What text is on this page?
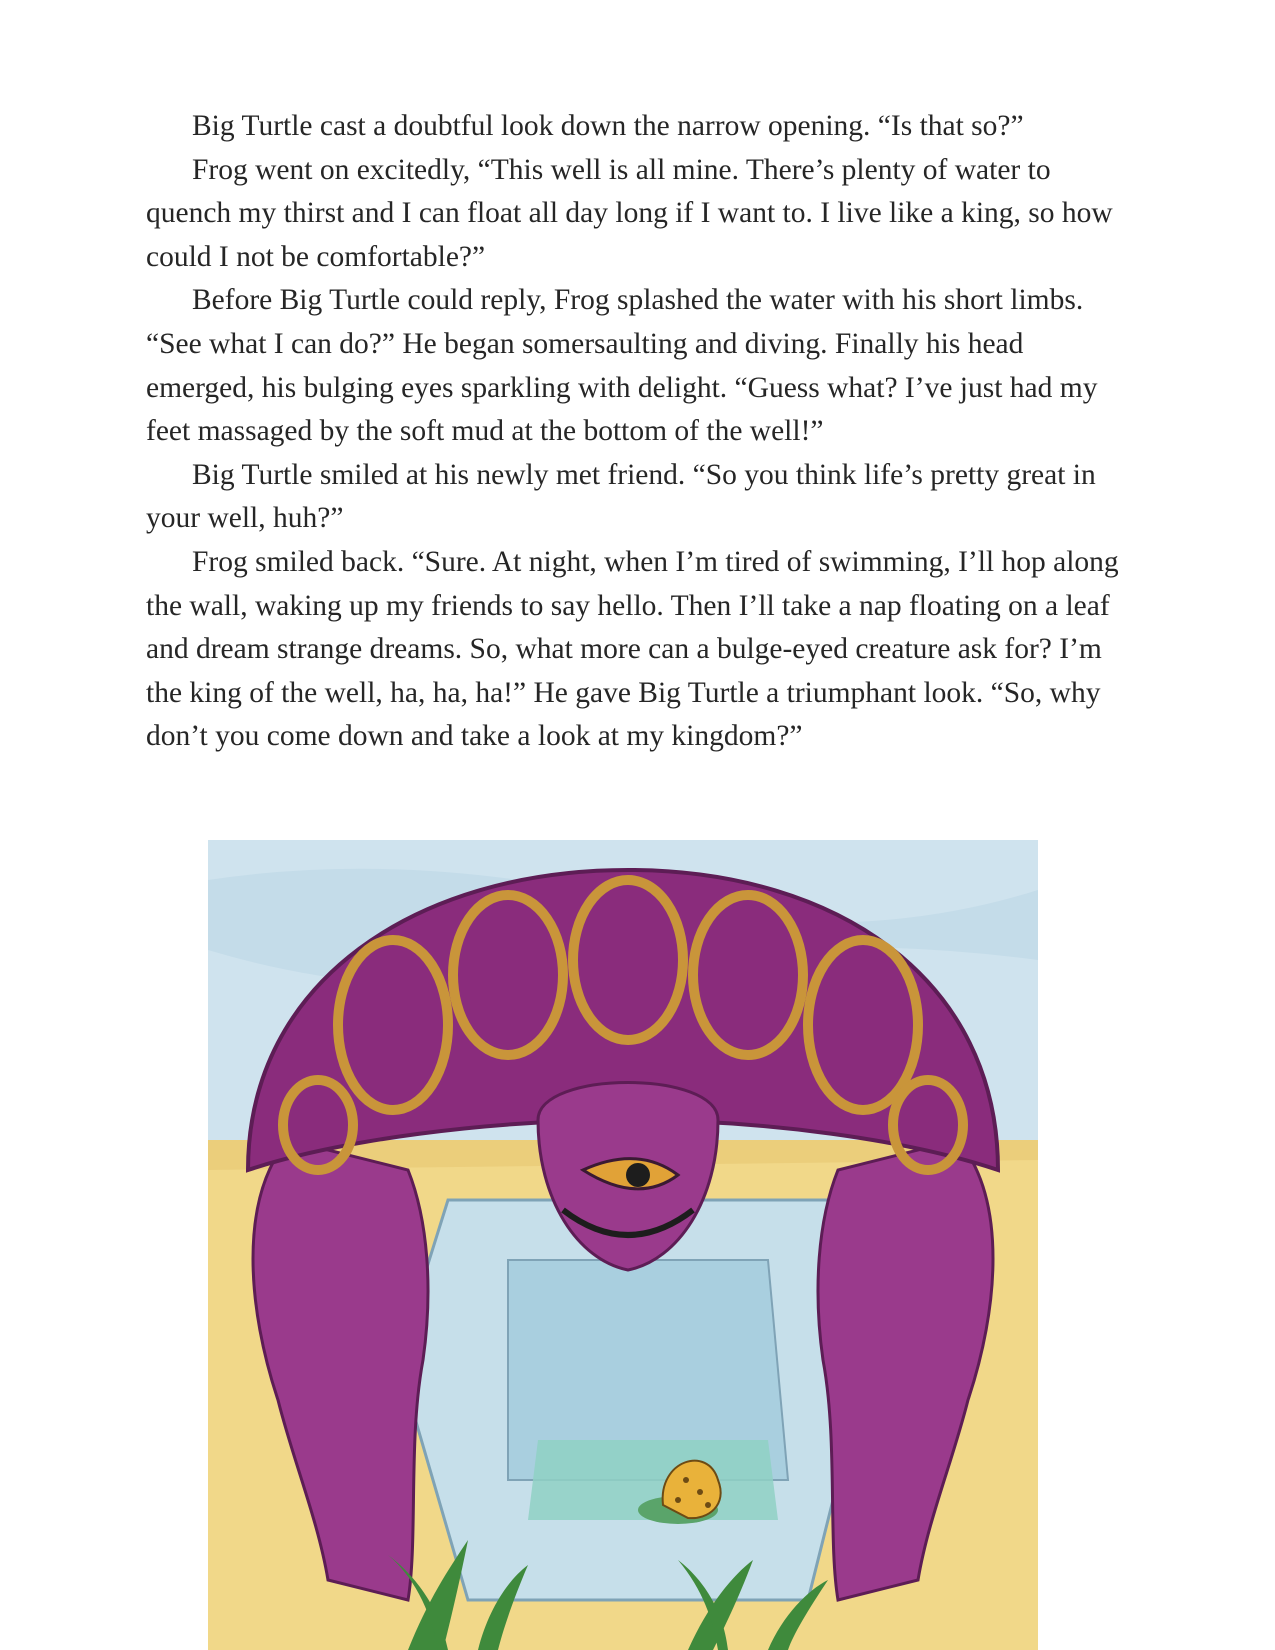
Big Turtle cast a doubtful look down the narrow opening. “Is that so?”

Frog went on excitedly, “This well is all mine. There’s plenty of water to quench my thirst and I can float all day long if I want to. I live like a king, so how could I not be comfortable?”

Before Big Turtle could reply, Frog splashed the water with his short limbs. “See what I can do?” He began somersaulting and diving. Finally his head emerged, his bulging eyes sparkling with delight. “Guess what? I’ve just had my feet massaged by the soft mud at the bottom of the well!”

Big Turtle smiled at his newly met friend. “So you think life’s pretty great in your well, huh?”

Frog smiled back. “Sure. At night, when I’m tired of swimming, I’ll hop along the wall, waking up my friends to say hello. Then I’ll take a nap floating on a leaf and dream strange dreams. So, what more can a bulge-eyed creature ask for? I’m the king of the well, ha, ha, ha!” He gave Big Turtle a triumphant look. “So, why don’t you come down and take a look at my kingdom?”
